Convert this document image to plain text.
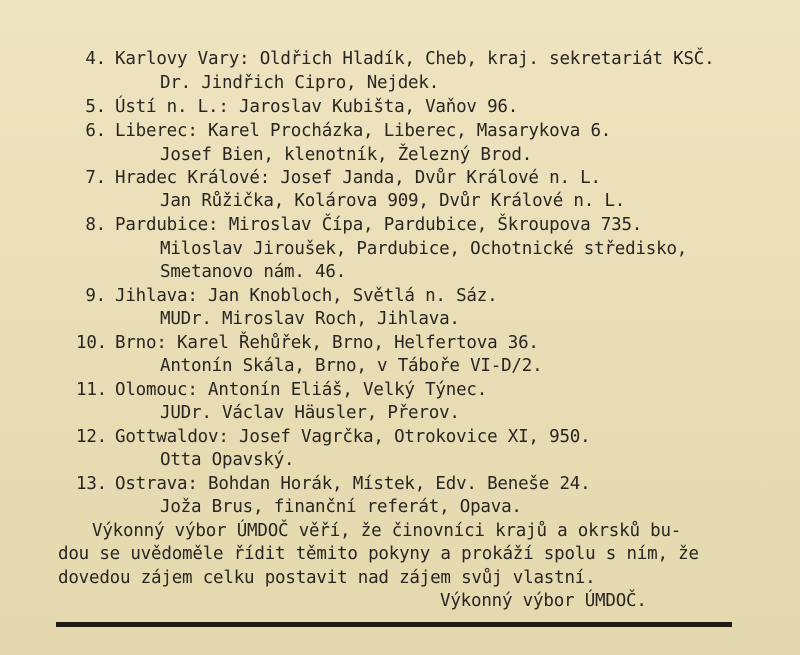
4. Karlovy Vary: Oldřich Hladík, Cheb, kraj. sekretariát KSČ.
Dr. Jindřich Cipro, Nejdek.
5. Ústí n. L.: Jaroslav Kubišta, Vaňov 96.
6. Liberec: Karel Procházka, Liberec, Masarykova 6.
Josef Bien, klenotník, Železný Brod.
7. Hradec Králové: Josef Janda, Dvůr Králové n. L.
Jan Růžička, Kolárova 909, Dvůr Králové n. L.
8. Pardubice: Miroslav Čípa, Pardubice, Škroupova 735.
Miloslav Jiroušek, Pardubice, Ochotnické středisko,
Smetanovo nám. 46.
9. Jihlava: Jan Knobloch, Světlá n. Sáz.
MUDr. Miroslav Roch, Jihlava.
10. Brno: Karel Řehůřek, Brno, Helfertova 36.
Antonín Skála, Brno, v Táboře VI-D/2.
11. Olomouc: Antonín Eliáš, Velký Týnec.
JUDr. Václav Häusler, Přerov.
12. Gottwaldov: Josef Vagrčka, Otrokovice XI, 950.
Otta Opavský.
13. Ostrava: Bohdan Horák, Místek, Edv. Beneše 24.
Joža Brus, finanční referát, Opava.
Výkonný výbor ÚMDOČ věří, že činovníci krajů a okrsků bu-
dou se uvědoměle řídit těmito pokyny a prokáží spolu s ním, že
dovedou zájem celku postavit nad zájem svůj vlastní.
Výkonný výbor ÚMDOČ.
